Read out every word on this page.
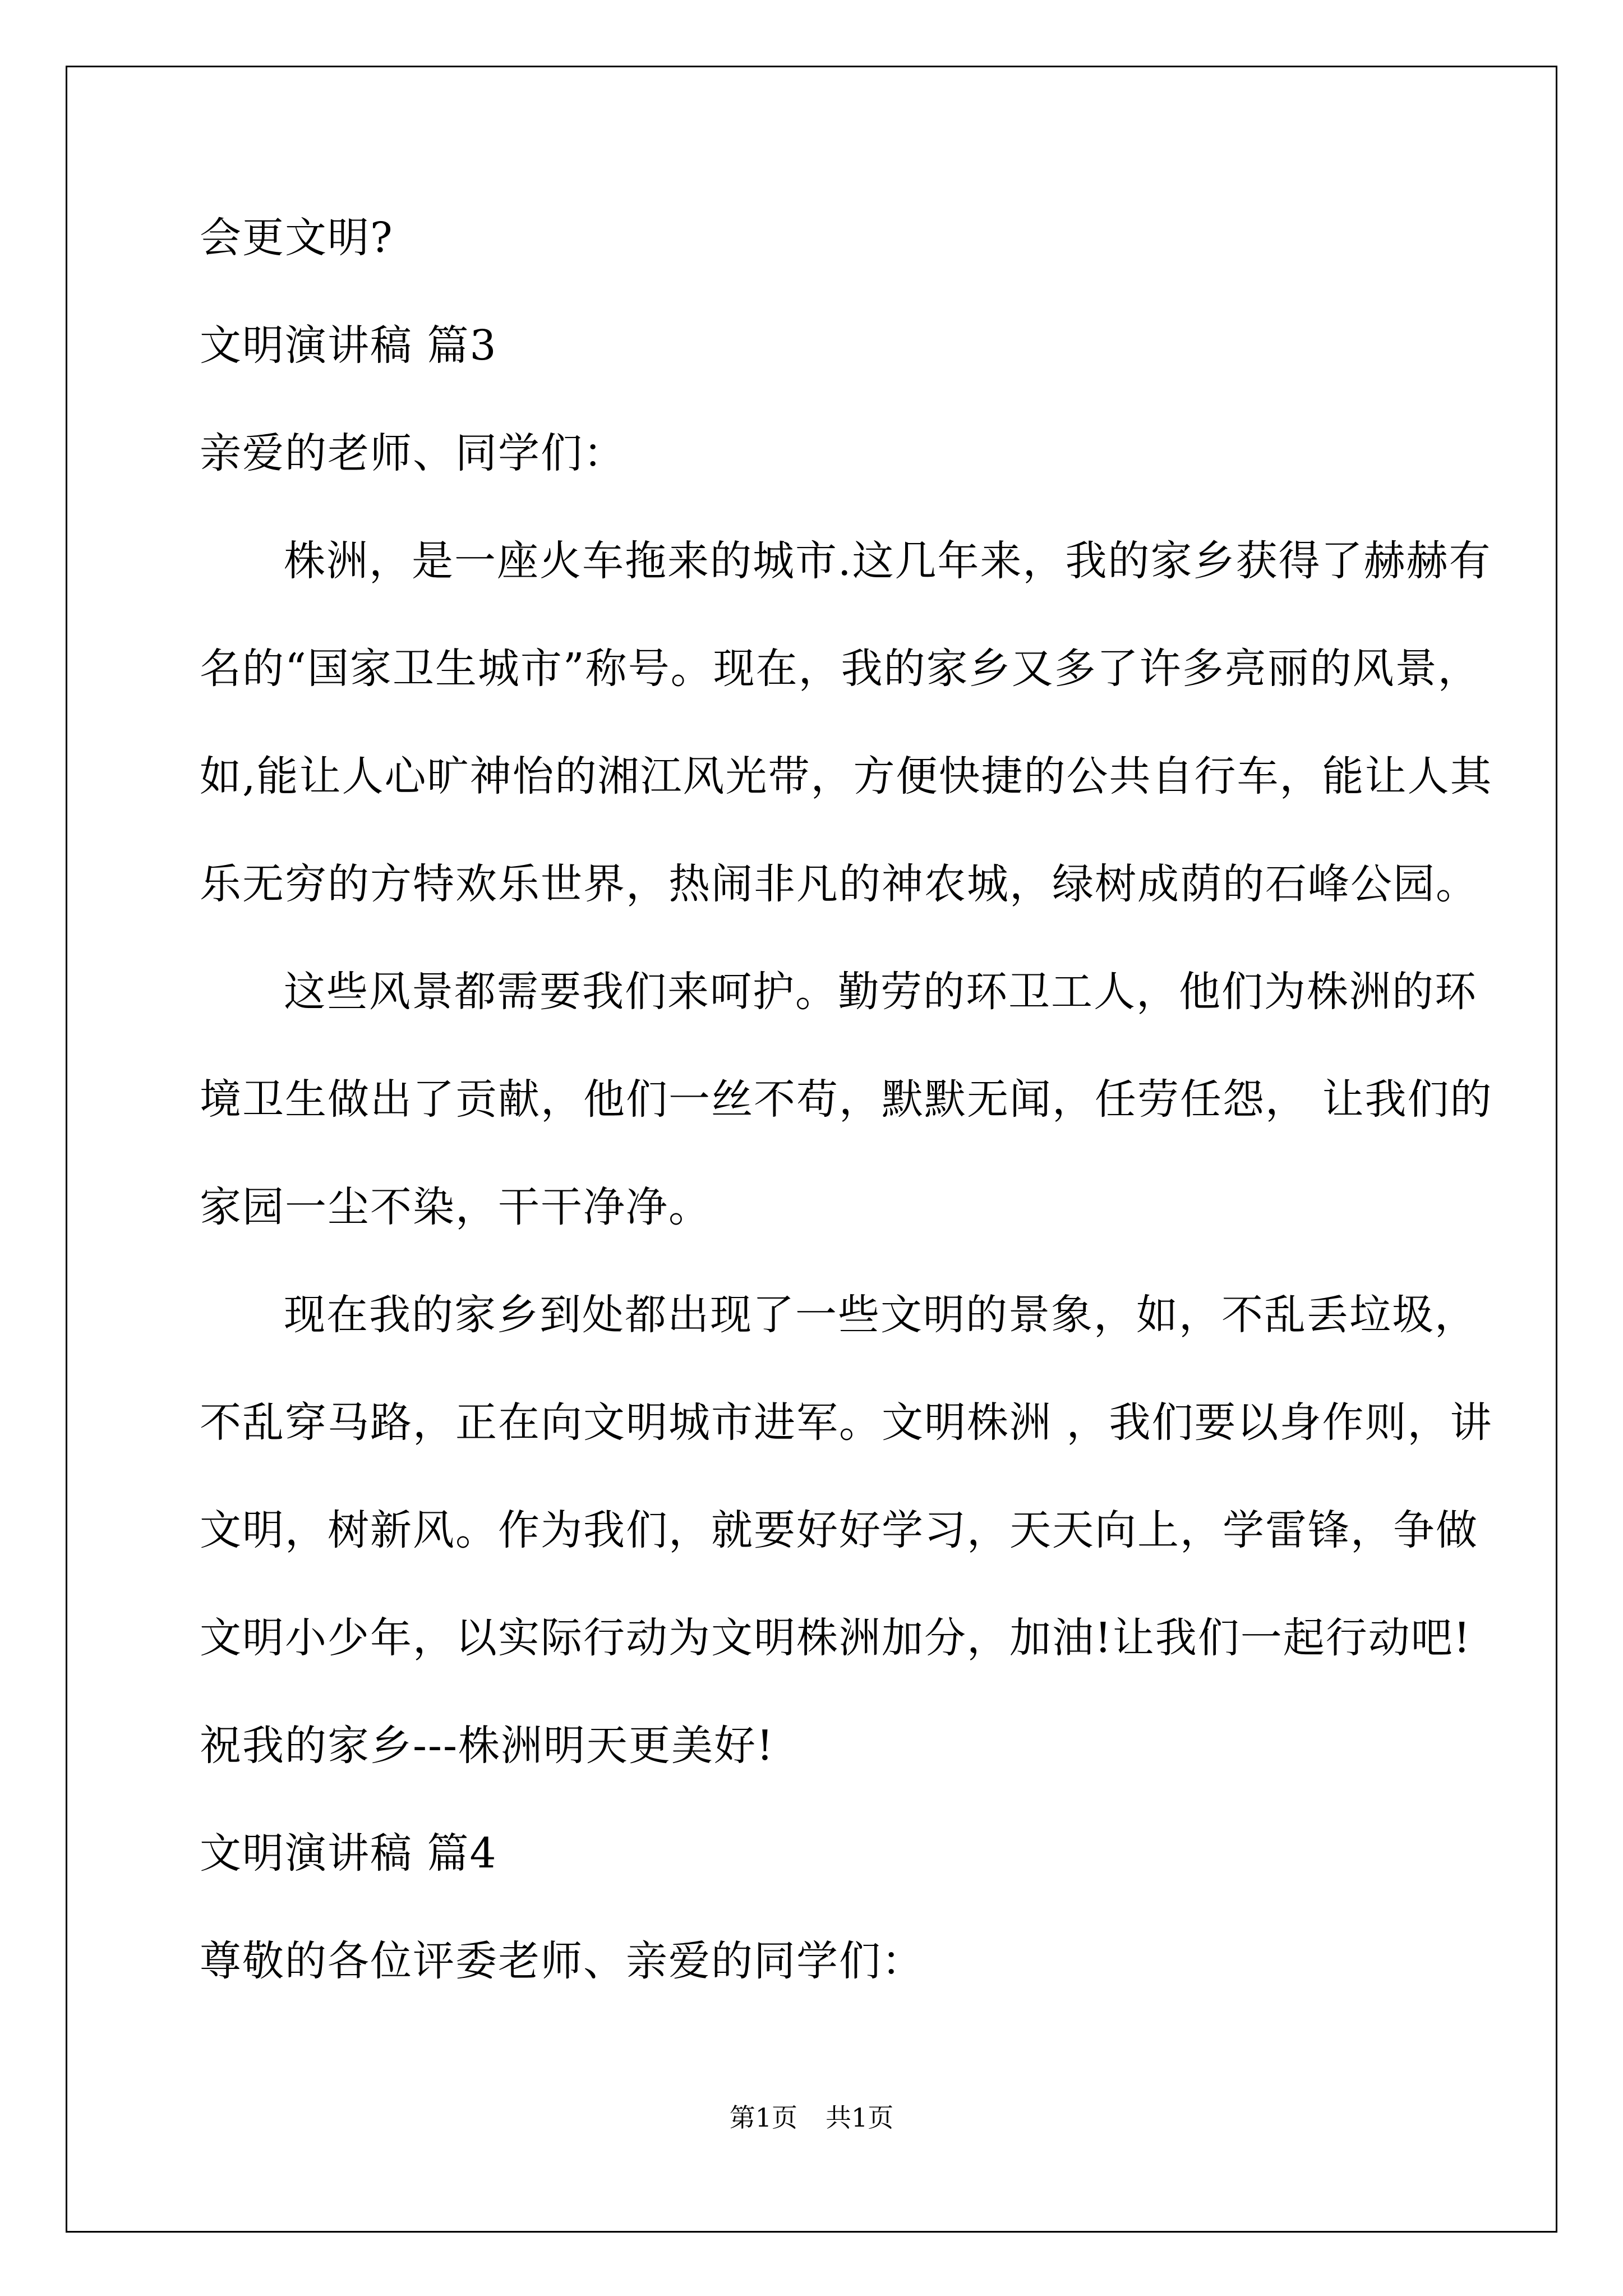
会更文明?
文明演讲稿 篇3
亲爱的老师、同学们：
株洲，是一座火车拖来的城市.这几年来，我的家乡获得了赫赫有
名的“国家卫生城市”称号。现在，我的家乡又多了许多亮丽的风景，
如,能让人心旷神怡的湘江风光带，方便快捷的公共自行车，能让人其
乐无穷的方特欢乐世界，热闹非凡的神农城，绿树成荫的石峰公园。
这些风景都需要我们来呵护。勤劳的环卫工人，他们为株洲的环
境卫生做出了贡献，他们一丝不苟，默默无闻，任劳任怨， 让我们的
家园一尘不染，干干净净。
现在我的家乡到处都出现了一些文明的景象，如，不乱丢垃圾，
不乱穿马路，正在向文明城市进军。文明株洲 ，我们要以身作则，讲
文明，树新风。作为我们，就要好好学习，天天向上，学雷锋，争做
文明小少年，以实际行动为文明株洲加分，加油!让我们一起行动吧!
祝我的家乡---株洲明天更美好!
文明演讲稿 篇4
尊敬的各位评委老师、亲爱的同学们：
第1页 共1页
